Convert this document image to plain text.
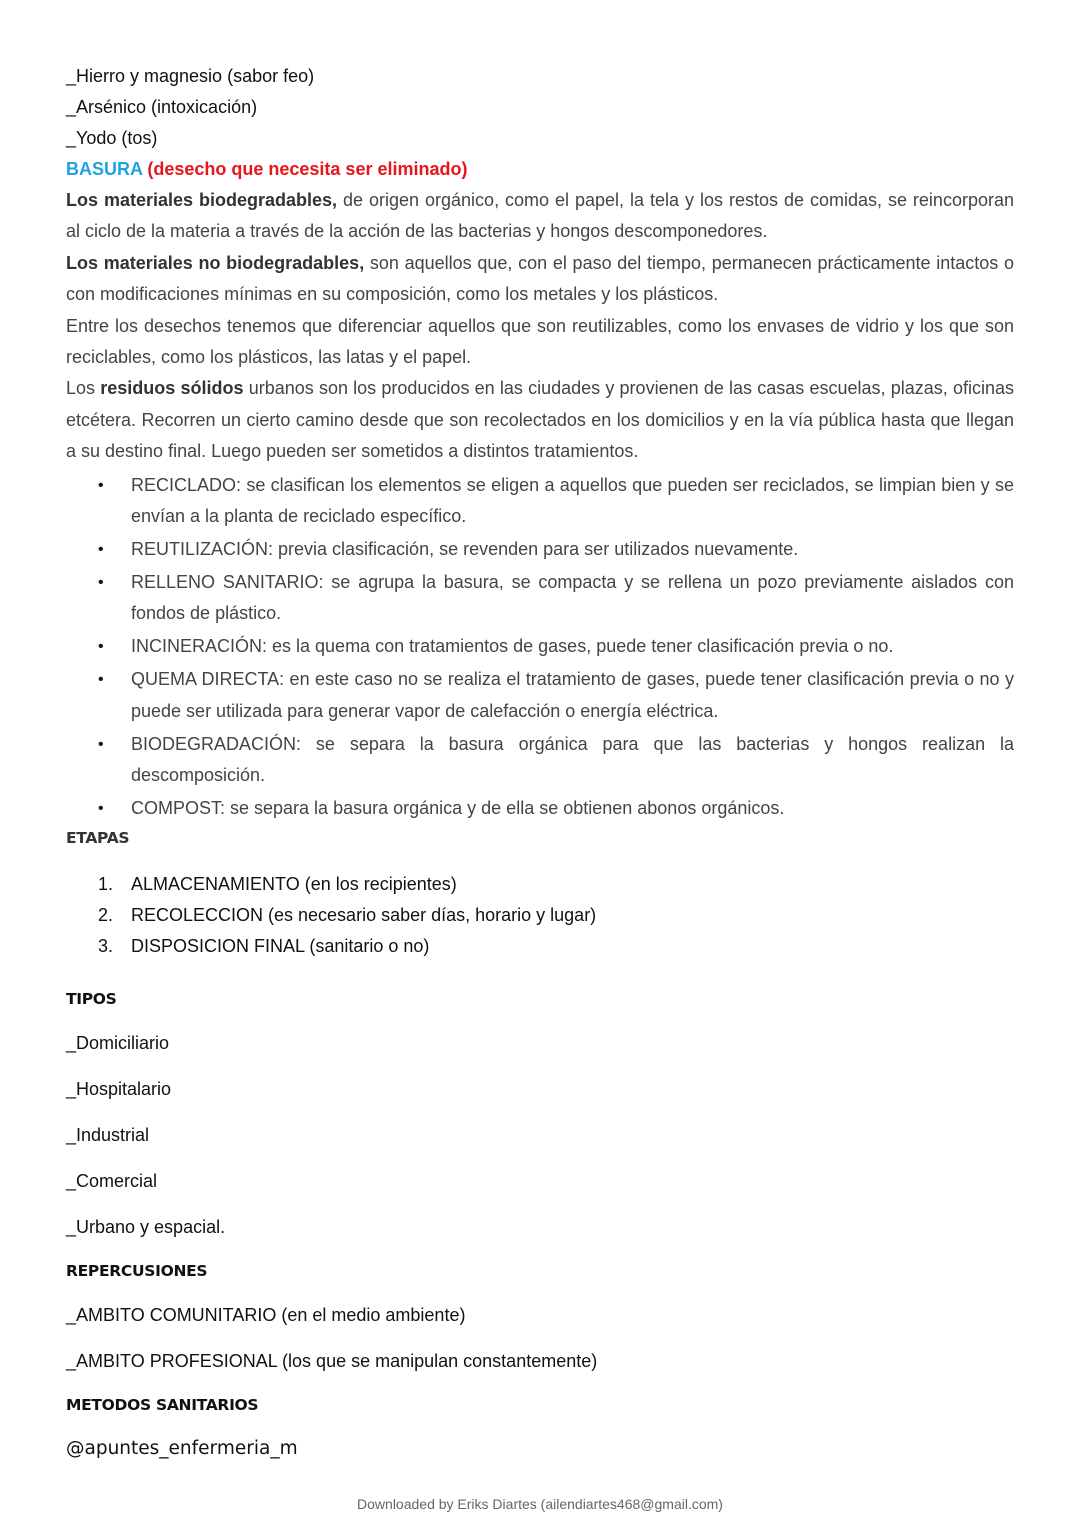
_Hierro y magnesio (sabor feo)

_Arsénico (intoxicación)

_Yodo (tos)

BASURA (desecho que necesita ser eliminado)

Los materiales biodegradables, de origen orgánico, como el papel, la tela y los restos de comidas, se reincorporan al ciclo de la materia a través de la acción de las bacterias y hongos descomponedores.

Los materiales no biodegradables, son aquellos que, con el paso del tiempo, permanecen prácticamente intactos o con modificaciones mínimas en su composición, como los metales y los plásticos.

Entre los desechos tenemos que diferenciar aquellos que son reutilizables, como los envases de vidrio y los que son reciclables, como los plásticos, las latas y el papel.

Los residuos sólidos urbanos son los producidos en las ciudades y provienen de las casas escuelas, plazas, oficinas etcétera. Recorren un cierto camino desde que son recolectados en los domicilios y en la vía pública hasta que llegan a su destino final. Luego pueden ser sometidos a distintos tratamientos.

• RECICLADO: se clasifican los elementos se eligen a aquellos que pueden ser reciclados, se limpian bien y se envían a la planta de reciclado específico.
• REUTILIZACIÓN: previa clasificación, se revenden para ser utilizados nuevamente.
• RELLENO SANITARIO: se agrupa la basura, se compacta y se rellena un pozo previamente aislados con fondos de plástico.
• INCINERACIÓN: es la quema con tratamientos de gases, puede tener clasificación previa o no.
• QUEMA DIRECTA: en este caso no se realiza el tratamiento de gases, puede tener clasificación previa o no y puede ser utilizada para generar vapor de calefacción o energía eléctrica.
• BIODEGRADACIÓN: se separa la basura orgánica para que las bacterias y hongos realizan la descomposición.
• COMPOST: se separa la basura orgánica y de ella se obtienen abonos orgánicos.

ETAPAS

1. ALMACENAMIENTO (en los recipientes)
2. RECOLECCION (es necesario saber días, horario y lugar)
3. DISPOSICION FINAL (sanitario o no)

TIPOS

_Domiciliario

_Hospitalario

_Industrial

_Comercial

_Urbano y espacial.

REPERCUSIONES

_AMBITO COMUNITARIO (en el medio ambiente)

_AMBITO PROFESIONAL (los que se manipulan constantemente)

METODOS SANITARIOS

@apuntes_enfermeria_m

Downloaded by Eriks Diartes (ailendiartes468@gmail.com)
